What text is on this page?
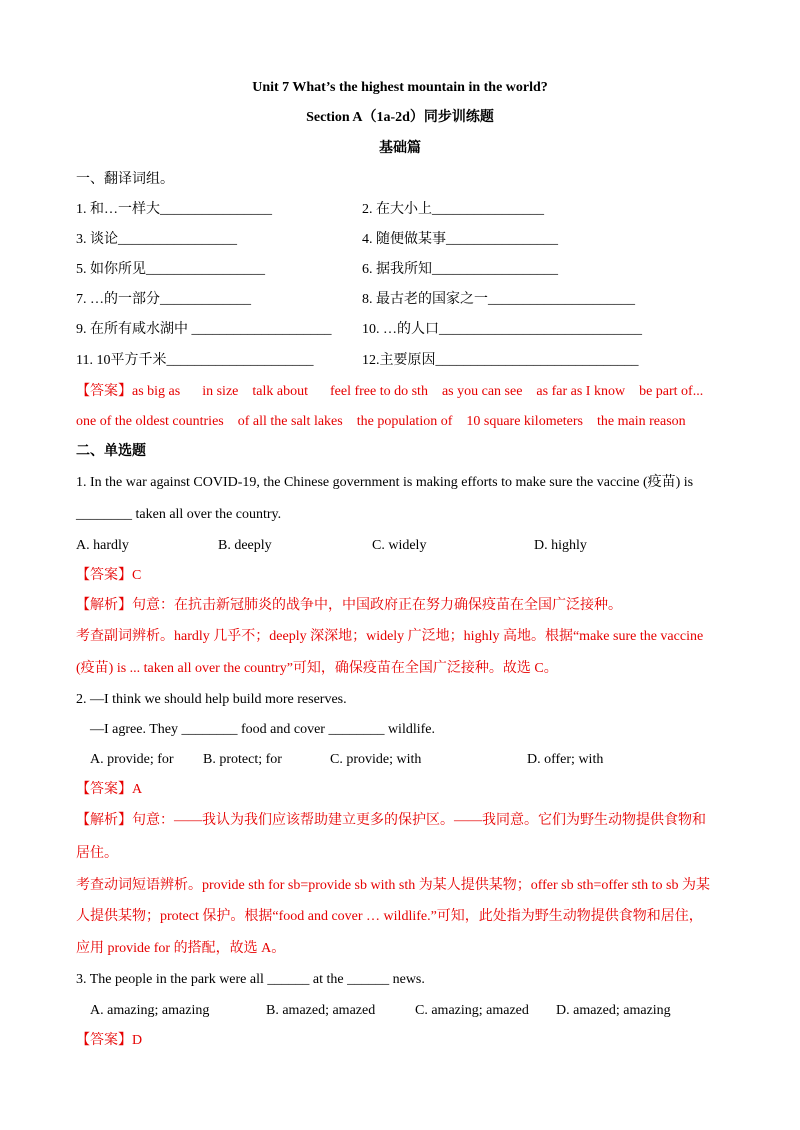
Unit 7 What’s the highest mountain in the world?
Section A（1a-2d）同步训练题
基础篇
一、翻译词组。
1. 和…一样大________________	2. 在大小上________________
3. 谈论_________________	4. 随便做某事________________
5. 如你所见_________________	6. 据我所知__________________
7. …的一部分_____________	8. 最古老的国家之一_____________________
9. 在所有咸水湖中 ____________________ 10. …的人口_____________________________
11. 10平方千米_____________________	12.主要原因_____________________________
【答案】as big as in size talk about feel free to do sth as you can see as far as I know be part of...
one of the oldest countries of all the salt lakes the population of 10 square kilometers the main reason
二、单选题
1. In the war against COVID-19, the Chinese government is making efforts to make sure the vaccine (疫苗) is
________ taken all over the country.
A. hardly	B. deeply	C. widely	D. highly
【答案】C
【解析】句意：在抗击新冠肺炎的战争中，中国政府正在努力确保疫苗在全国广泛接种。
考查副词辨析。hardly 几乎不；deeply 深深地；widely 广泛地；highly 高地。根据“make sure the vaccine
(疫苗) is ... taken all over the country”可知，确保疫苗在全国广泛接种。故选 C。
2. —I think we should help build more reserves.
—I agree. They ________ food and cover ________ wildlife.
A. provide; for B. protect; for	C. provide; with	D. offer; with
【答案】A
【解析】句意：——我认为我们应该帮助建立更多的保护区。——我同意。它们为野生动物提供食物和
居住。
考查动词短语辨析。provide sth for sb=provide sb with sth 为某人提供某物；offer sb sth=offer sth to sb 为某
人提供某物；protect 保护。根据“food and cover … wildlife.”可知，此处指为野生动物提供食物和居住，
应用 provide for 的搭配，故选 A。
3. The people in the park were all ______ at the ______ news.
A. amazing; amazing	B. amazed; amazed	C. amazing; amazed D. amazed; amazing
【答案】D
